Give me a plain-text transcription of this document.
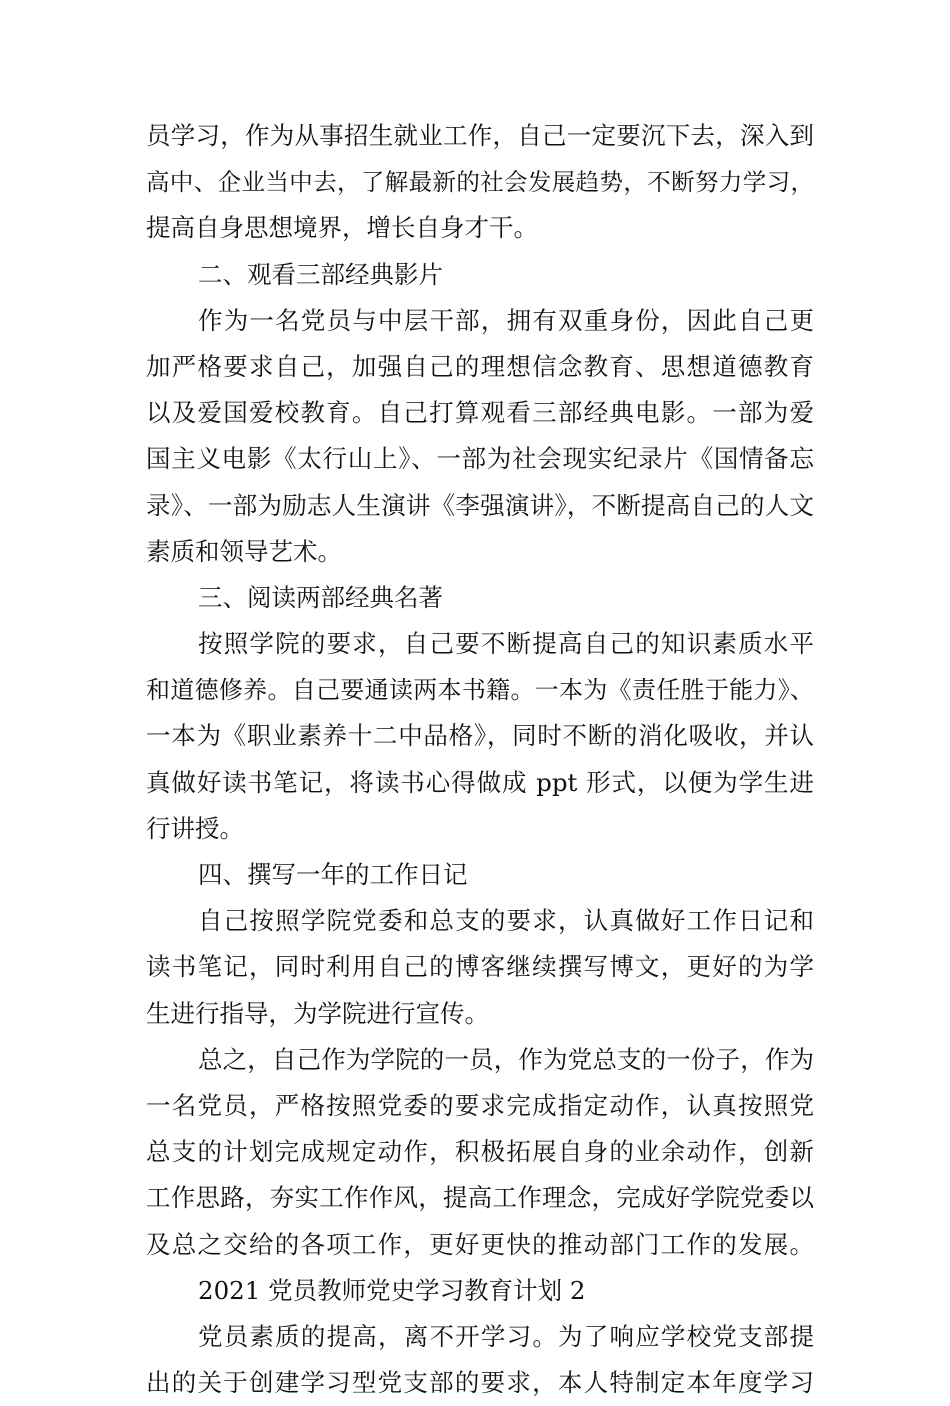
员学习，作为从事招生就业工作，自己一定要沉下去，深入到
高中、企业当中去，了解最新的社会发展趋势，不断努力学习，
提高自身思想境界，增长自身才干。
二、观看三部经典影片
作为一名党员与中层干部，拥有双重身份，因此自己更
加严格要求自己，加强自己的理想信念教育、思想道德教育
以及爱国爱校教育。自己打算观看三部经典电影。一部为爱
国主义电影《太行山上》、一部为社会现实纪录片《国情备忘
录》、一部为励志人生演讲《李强演讲》，不断提高自己的人文
素质和领导艺术。
三、阅读两部经典名著
按照学院的要求，自己要不断提高自己的知识素质水平
和道德修养。自己要通读两本书籍。一本为《责任胜于能力》、
一本为《职业素养十二中品格》，同时不断的消化吸收，并认
真做好读书笔记，将读书心得做成 ppt 形式，以便为学生进
行讲授。
四、撰写一年的工作日记
自己按照学院党委和总支的要求，认真做好工作日记和
读书笔记，同时利用自己的博客继续撰写博文，更好的为学
生进行指导，为学院进行宣传。
总之，自己作为学院的一员，作为党总支的一份子，作为
一名党员，严格按照党委的要求完成指定动作，认真按照党
总支的计划完成规定动作，积极拓展自身的业余动作，创新
工作思路，夯实工作作风，提高工作理念，完成好学院党委以
及总之交给的各项工作，更好更快的推动部门工作的发展。
2021 党员教师党史学习教育计划 2
党员素质的提高，离不开学习。为了响应学校党支部提
出的关于创建学习型党支部的要求，本人特制定本年度学习
